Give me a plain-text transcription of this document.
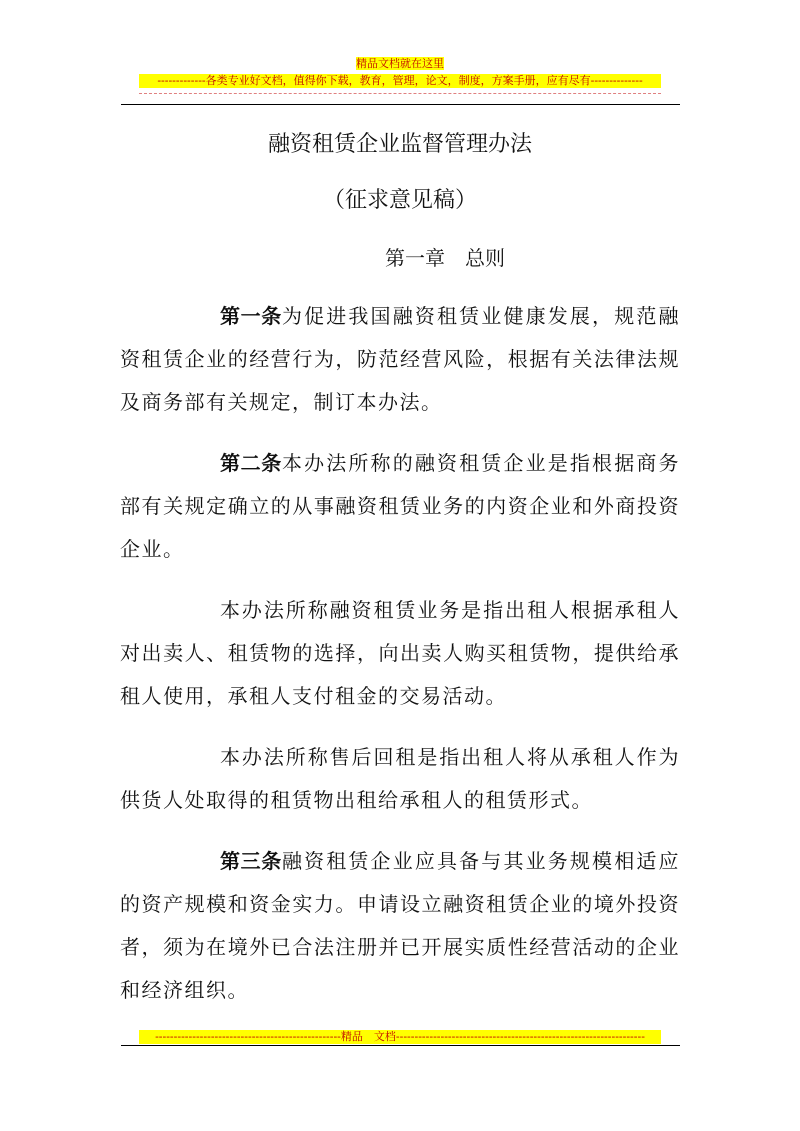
精品文档就在这里
-------------各类专业好文档，值得你下载，教育，管理，论文，制度，方案手册，应有尽有--------------
融资租赁企业监督管理办法
（征求意见稿）
第一章　总则

第一条为促进我国融资租赁业健康发展，规范融资租赁企业的经营行为，防范经营风险，根据有关法律法规及商务部有关规定，制订本办法。

第二条本办法所称的融资租赁企业是指根据商务部有关规定确立的从事融资租赁业务的内资企业和外商投资企业。

本办法所称融资租赁业务是指出租人根据承租人对出卖人、租赁物的选择，向出卖人购买租赁物，提供给承租人使用，承租人支付租金的交易活动。

本办法所称售后回租是指出租人将从承租人作为供货人处取得的租赁物出租给承租人的租赁形式。

第三条融资租赁企业应具备与其业务规模相适应的资产规模和资金实力。申请设立融资租赁企业的境外投资者，须为在境外已合法注册并已开展实质性经营活动的企业和经济组织。

--------------------------------------------------精品　文档-------------------------------------------------------------------
